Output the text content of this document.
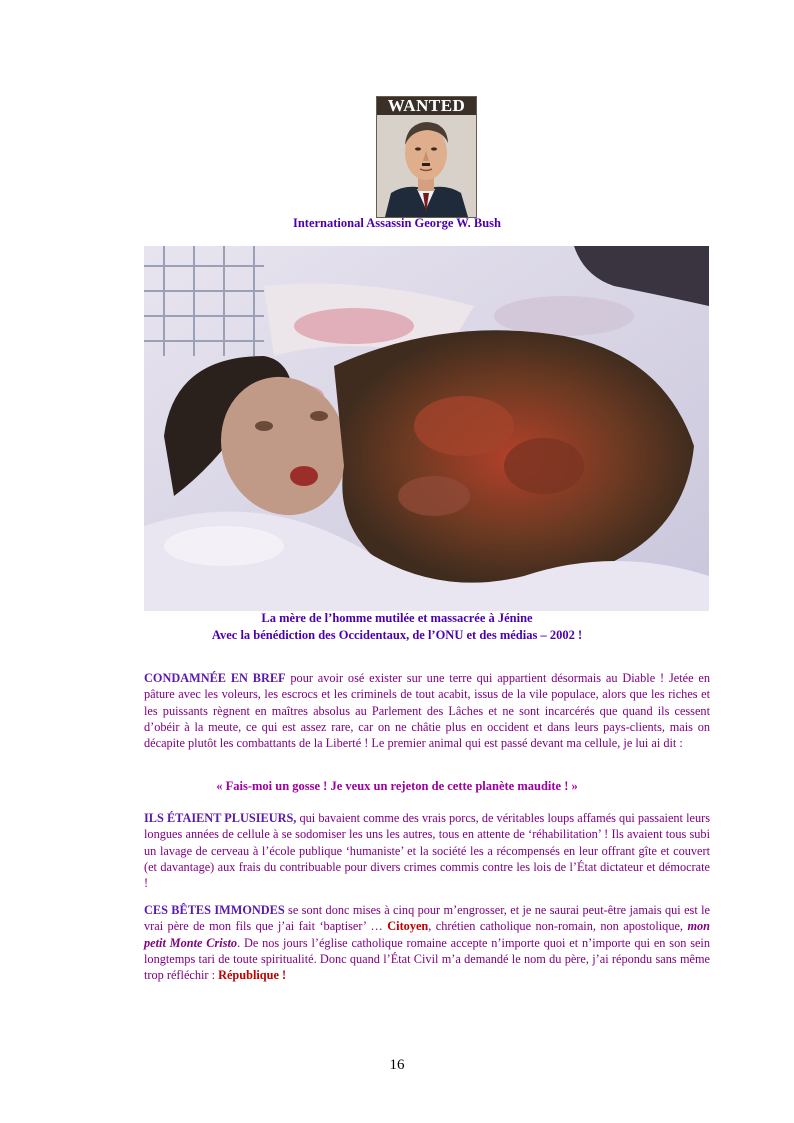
WANTED
International Assassin George W. Bush
La mère de l’homme mutilée et massacrée à Jénine
Avec la bénédiction des Occidentaux, de l’ONU et des médias – 2002 !
CONDAMNÉE EN BREF pour avoir osé exister sur une terre qui appartient désormais au Diable ! Jetée en pâture avec les voleurs, les escrocs et les criminels de tout acabit, issus de la vile populace, alors que les riches et les puissants règnent en maîtres absolus au Parlement des Lâches et ne sont incarcérés que quand ils cessent d’obéir à la meute, ce qui est assez rare, car on ne châtie plus en occident et dans leurs pays-clients, mais on décapite plutôt les combattants de la Liberté ! Le premier animal qui est passé devant ma cellule, je lui ai dit :
« Fais-moi un gosse ! Je veux un rejeton de cette planète maudite ! »
ILS ÉTAIENT PLUSIEURS, qui bavaient comme des vrais porcs, de véritables loups affamés qui passaient leurs longues années de cellule à se sodomiser les uns les autres, tous en attente de ‘réhabilitation’ ! Ils avaient tous subi un lavage de cerveau à l’école publique ‘humaniste’ et la société les a récompensés en leur offrant gîte et couvert (et davantage) aux frais du contribuable pour divers crimes commis contre les lois de l’État dictateur et démocrate !
CES BÊTES IMMONDES se sont donc mises à cinq pour m’engrosser, et je ne saurai peut-être jamais qui est le vrai père de mon fils que j’ai fait ‘baptiser’ … Citoyen, chrétien catholique non-romain, non apostolique, mon petit Monte Cristo. De nos jours l’église catholique romaine accepte n’importe quoi et n’importe qui en son sein longtemps tari de toute spiritualité. Donc quand l’État Civil m’a demandé le nom du père, j’ai répondu sans même trop réfléchir : République !
16
